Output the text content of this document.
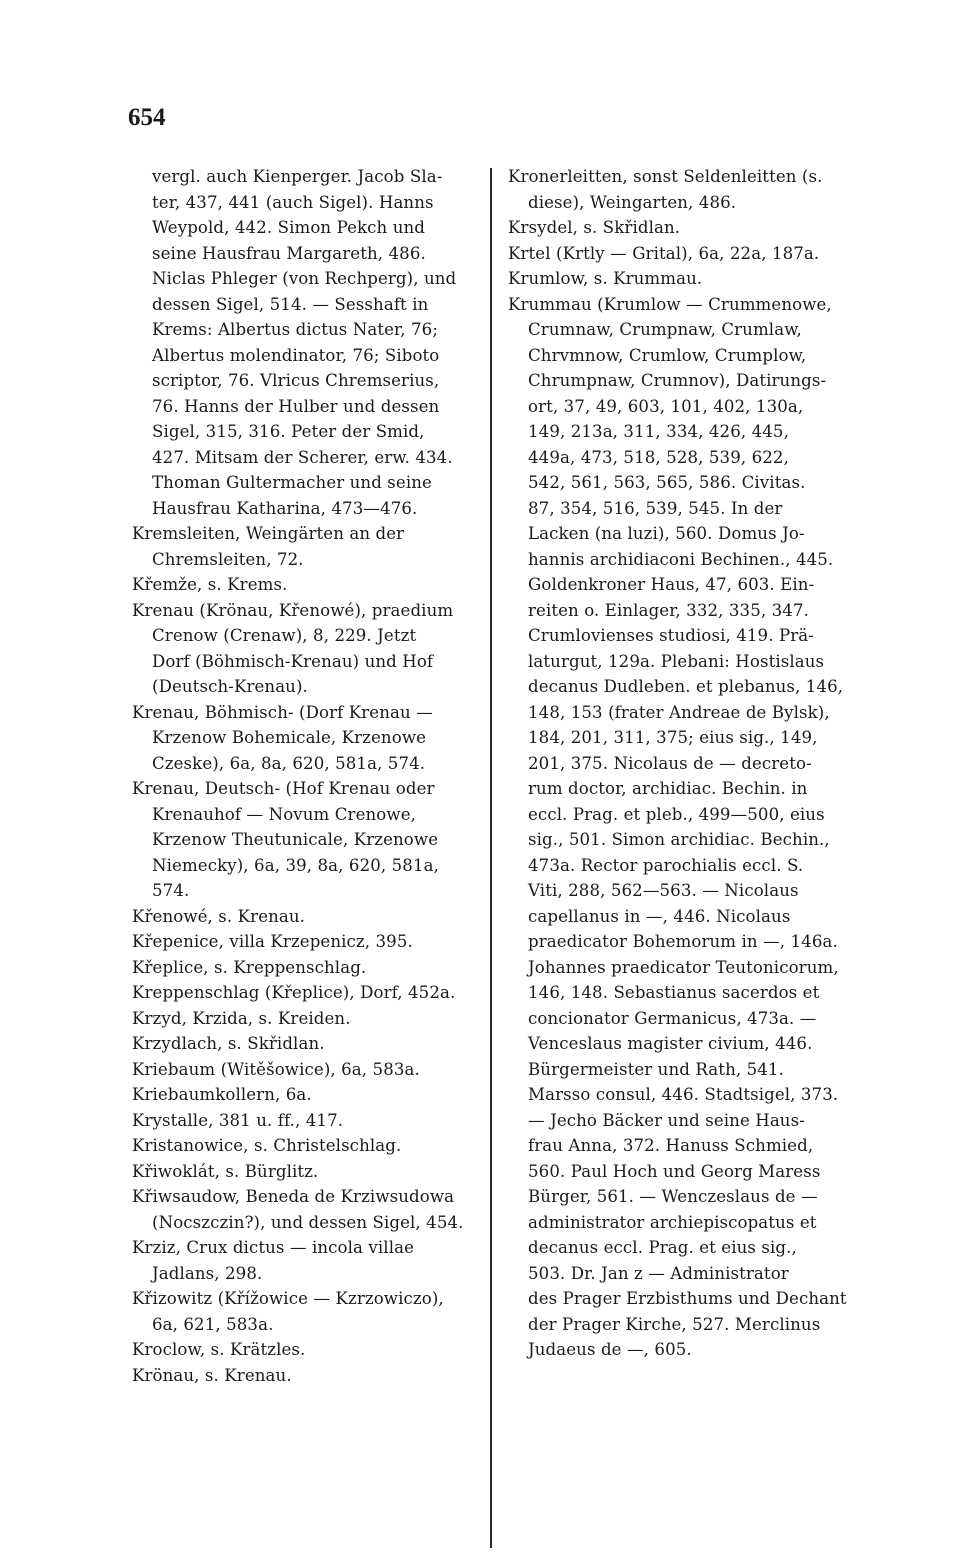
654
vergl. auch Kienperger. Jacob Sla-
ter, 437, 441 (auch Sigel). Hanns
Weypold, 442. Simon Pekch und
seine Hausfrau Margareth, 486.
Niclas Phleger (von Rechperg), und
dessen Sigel, 514. — Sesshaft in
Krems: Albertus dictus Nater, 76;
Albertus molendinator, 76; Siboto
scriptor, 76. Vlricus Chremserius,
76. Hanns der Hulber und dessen
Sigel, 315, 316. Peter der Smid,
427. Mitsam der Scherer, erw. 434.
Thoman Gultermacher und seine
Hausfrau Katharina, 473—476.
Kremsleiten, Weingärten an der
Chremsleiten, 72.
Křemže, s. Krems.
Krenau (Krönau, Křenowé), praedium
Crenow (Crenaw), 8, 229. Jetzt
Dorf (Böhmisch-Krenau) und Hof
(Deutsch-Krenau).
Krenau, Böhmisch- (Dorf Krenau —
Krzenow Bohemicale, Krzenowe
Czeske), 6a, 8a, 620, 581a, 574.
Krenau, Deutsch- (Hof Krenau oder
Krenauhof — Novum Crenowe,
Krzenow Theutunicale, Krzenowe
Niemecky), 6a, 39, 8a, 620, 581a,
574.
Křenowé, s. Krenau.
Křepenice, villa Krzepenicz, 395.
Křeplice, s. Kreppenschlag.
Kreppenschlag (Křeplice), Dorf, 452a.
Krzyd, Krzida, s. Kreiden.
Krzydlach, s. Skřidlan.
Kriebaum (Witěšowice), 6a, 583a.
Kriebaumkollern, 6a.
Krystalle, 381 u. ff., 417.
Kristanowice, s. Christelschlag.
Křiwoklát, s. Bürglitz.
Křiwsaudow, Beneda de Krziwsudowa
(Nocszczin?), und dessen Sigel, 454.
Krziz, Crux dictus — incola villae
Jadlans, 298.
Křizowitz (Křížowice — Kzrzowiczo),
6a, 621, 583a.
Kroclow, s. Krätzles.
Krönau, s. Krenau.
Kronerleitten, sonst Seldenleitten (s.
diese), Weingarten, 486.
Krsydel, s. Skřidlan.
Krtel (Krtly — Grital), 6a, 22a, 187a.
Krumlow, s. Krummau.
Krummau (Krumlow — Crummenowe,
Crumnaw, Crumpnaw, Crumlaw,
Chrvmnow, Crumlow, Crumplow,
Chrumpnaw, Crumnov), Datirungs-
ort, 37, 49, 603, 101, 402, 130a,
149, 213a, 311, 334, 426, 445,
449a, 473, 518, 528, 539, 622,
542, 561, 563, 565, 586. Civitas.
87, 354, 516, 539, 545. In der
Lacken (na luzi), 560. Domus Jo-
hannis archidiaconi Bechinen., 445.
Goldenkroner Haus, 47, 603. Ein-
reiten o. Einlager, 332, 335, 347.
Crumlovienses studiosi, 419. Prä-
laturgut, 129a. Plebani: Hostislaus
decanus Dudleben. et plebanus, 146,
148, 153 (frater Andreae de Bylsk),
184, 201, 311, 375; eius sig., 149,
201, 375. Nicolaus de — decreto-
rum doctor, archidiac. Bechin. in
eccl. Prag. et pleb., 499—500, eius
sig., 501. Simon archidiac. Bechin.,
473a. Rector parochialis eccl. S.
Viti, 288, 562—563. — Nicolaus
capellanus in —, 446. Nicolaus
praedicator Bohemorum in —, 146a.
Johannes praedicator Teutonicorum,
146, 148. Sebastianus sacerdos et
concionator Germanicus, 473a. —
Venceslaus magister civium, 446.
Bürgermeister und Rath, 541.
Marsso consul, 446. Stadtsigel, 373.
— Jecho Bäcker und seine Haus-
frau Anna, 372. Hanuss Schmied,
560. Paul Hoch und Georg Maress
Bürger, 561. — Wenczeslaus de —
administrator archiepiscopatus et
decanus eccl. Prag. et eius sig.,
503. Dr. Jan z — Administrator
des Prager Erzbisthums und Dechant
der Prager Kirche, 527. Merclinus
Judaeus de —, 605.
